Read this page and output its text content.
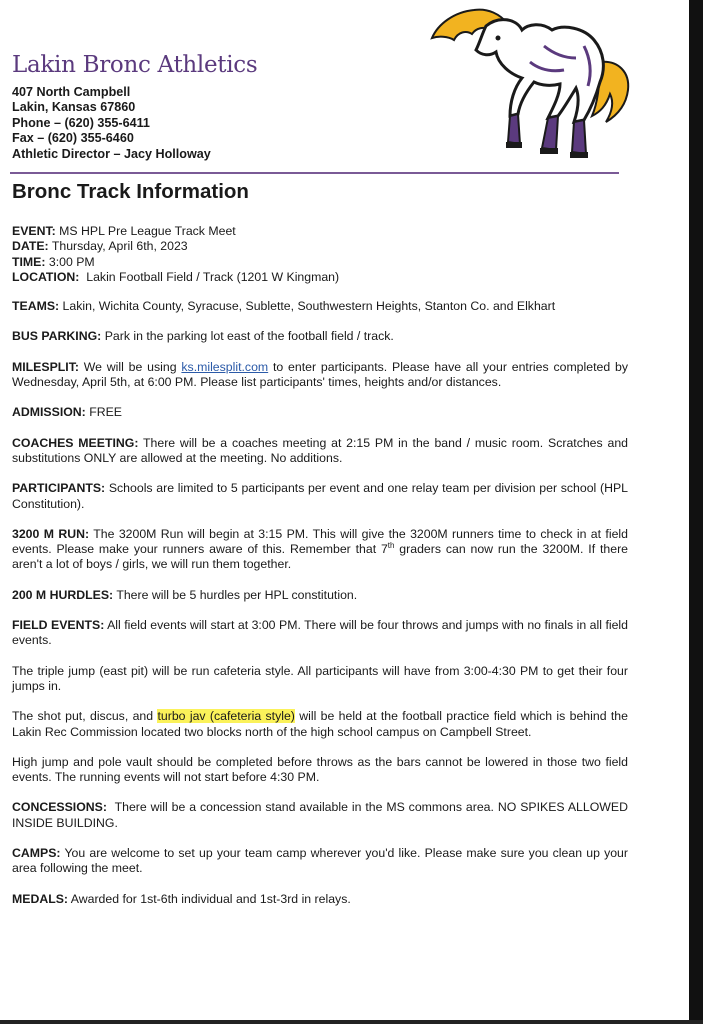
Lakin Bronc Athletics
407 North Campbell
Lakin, Kansas 67860
Phone – (620) 355-6411
Fax – (620) 355-6460
Athletic Director – Jacy Holloway
Bronc Track Information
EVENT: MS HPL Pre League Track Meet
DATE: Thursday, April 6th, 2023
TIME: 3:00 PM
LOCATION:  Lakin Football Field / Track (1201 W Kingman)

TEAMS: Lakin, Wichita County, Syracuse, Sublette, Southwestern Heights, Stanton Co. and Elkhart

BUS PARKING: Park in the parking lot east of the football field / track.

MILESPLIT: We will be using ks.milesplit.com to enter participants. Please have all your entries completed by Wednesday, April 5th, at 6:00 PM. Please list participants' times, heights and/or distances.

ADMISSION: FREE

COACHES MEETING: There will be a coaches meeting at 2:15 PM in the band / music room. Scratches and substitutions ONLY are allowed at the meeting. No additions.

PARTICIPANTS: Schools are limited to 5 participants per event and one relay team per division per school (HPL Constitution).

3200 M RUN: The 3200M Run will begin at 3:15 PM. This will give the 3200M runners time to check in at field events. Please make your runners aware of this. Remember that 7th graders can now run the 3200M. If there aren't a lot of boys / girls, we will run them together.

200 M HURDLES: There will be 5 hurdles per HPL constitution.

FIELD EVENTS: All field events will start at 3:00 PM. There will be four throws and jumps with no finals in all field events.

The triple jump (east pit) will be run cafeteria style. All participants will have from 3:00-4:30 PM to get their four jumps in.

The shot put, discus, and turbo jav (cafeteria style) will be held at the football practice field which is behind the Lakin Rec Commission located two blocks north of the high school campus on Campbell Street.

High jump and pole vault should be completed before throws as the bars cannot be lowered in those two field events. The running events will not start before 4:30 PM.

CONCESSIONS:  There will be a concession stand available in the MS commons area. NO SPIKES ALLOWED INSIDE BUILDING.

CAMPS: You are welcome to set up your team camp wherever you'd like. Please make sure you clean up your area following the meet.

MEDALS: Awarded for 1st-6th individual and 1st-3rd in relays.
